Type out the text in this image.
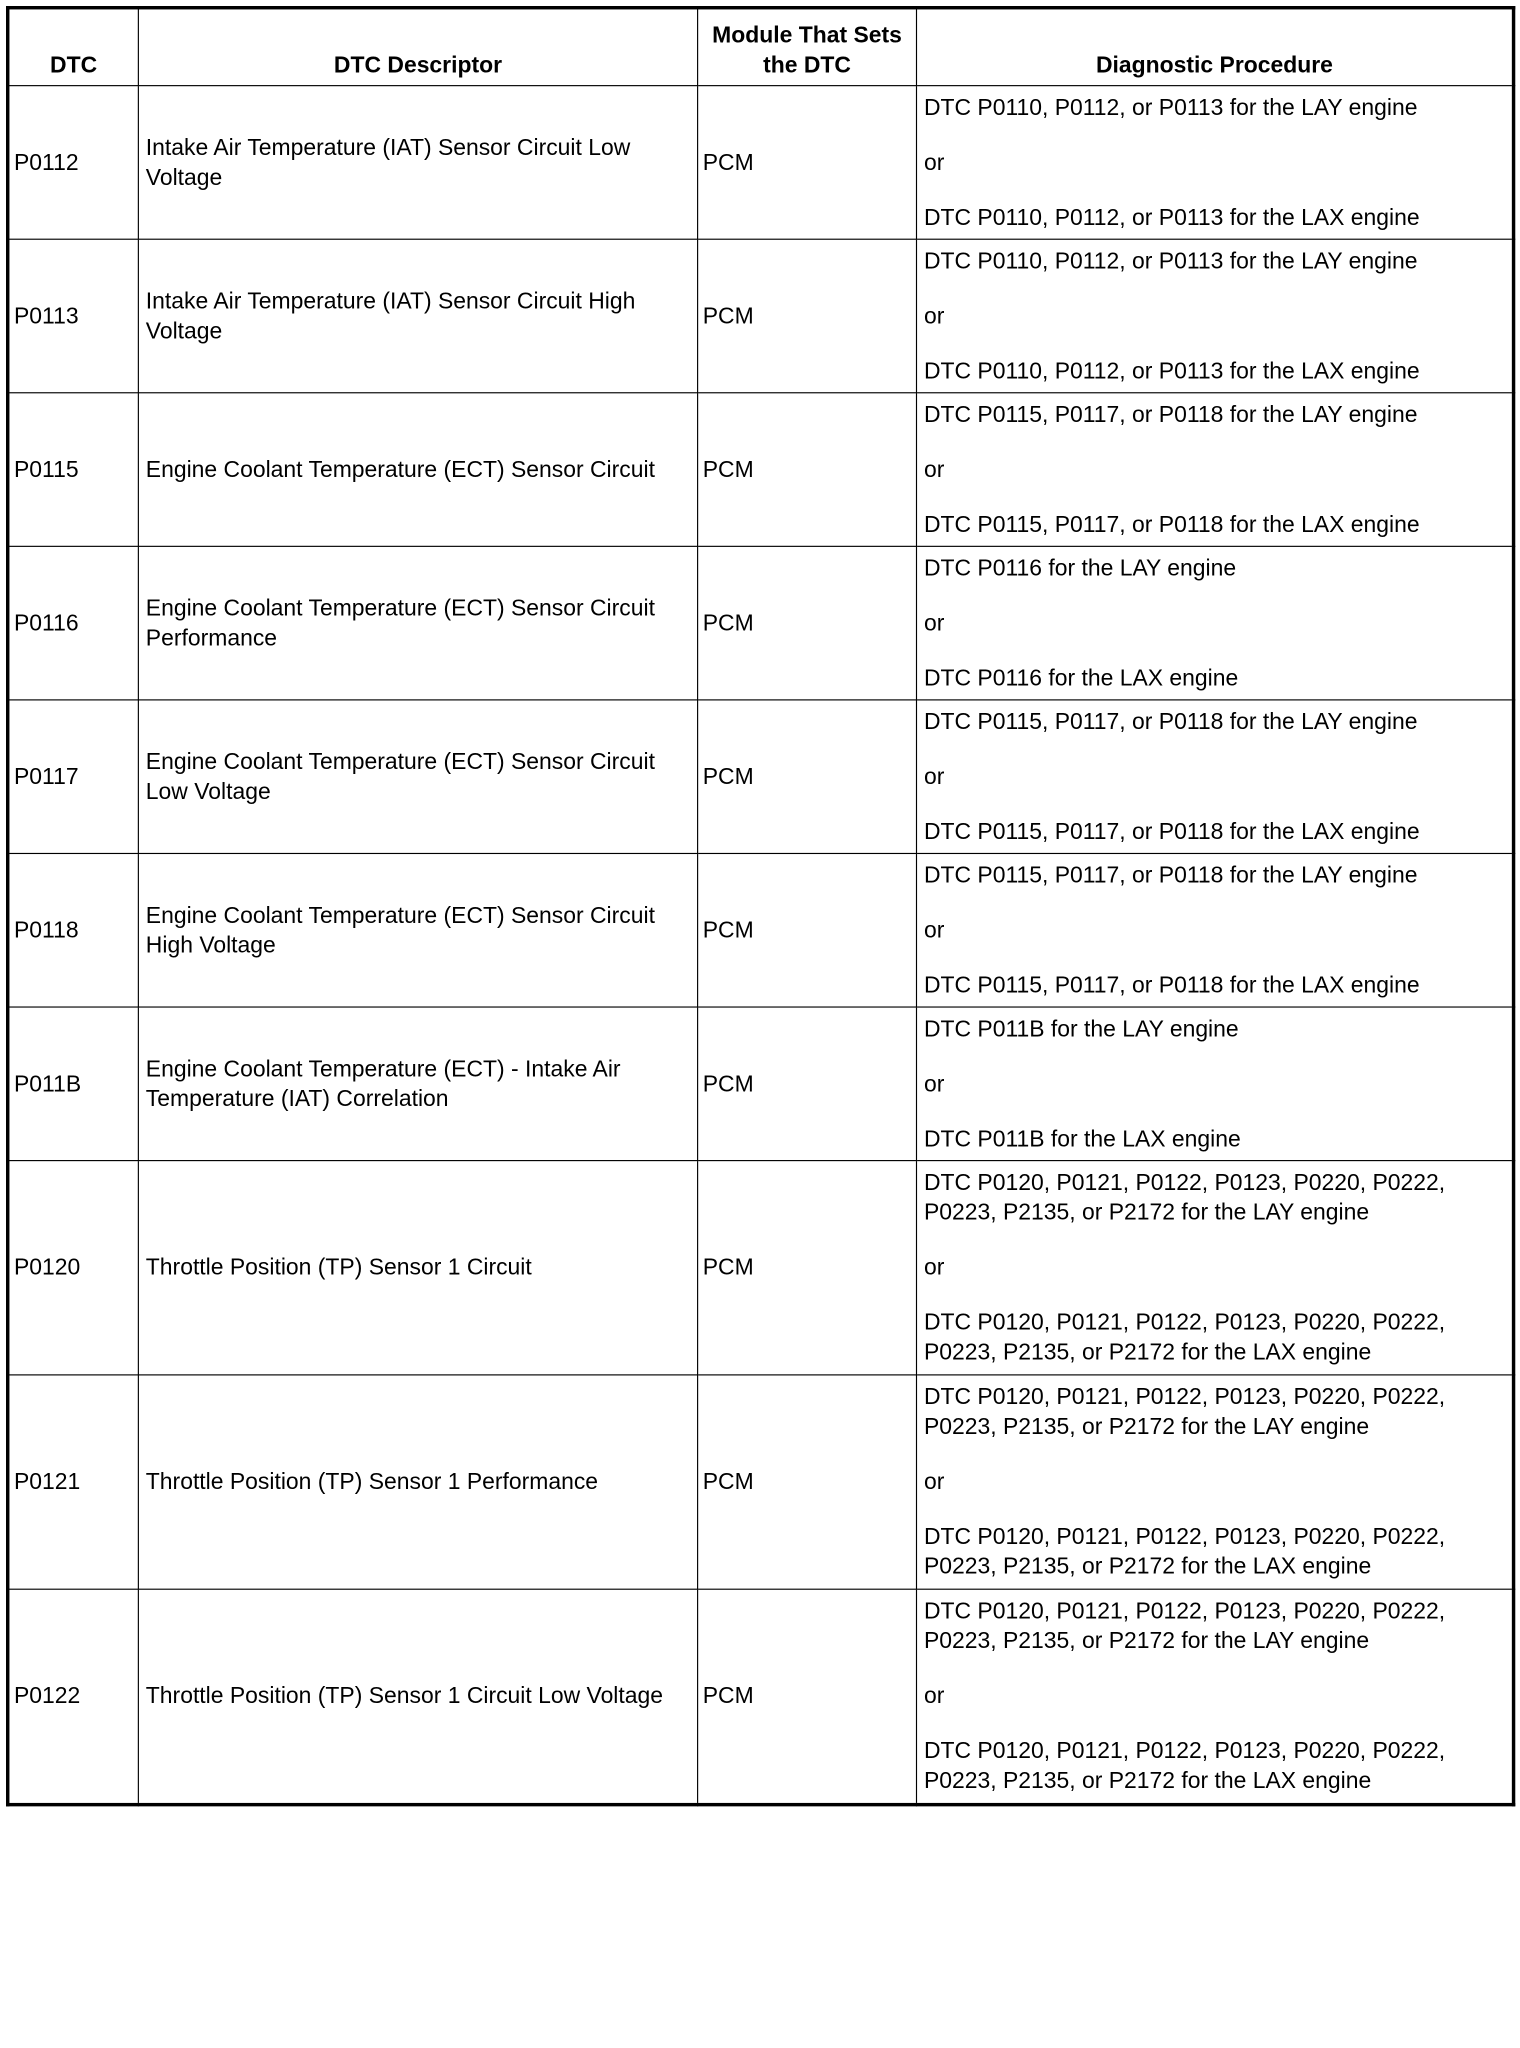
DTC	DTC Descriptor	Module That Sets the DTC	Diagnostic Procedure
P0112	Intake Air Temperature (IAT) Sensor Circuit Low Voltage	PCM	DTC P0110, P0112, or P0113 for the LAY engine
or
DTC P0110, P0112, or P0113 for the LAX engine

P0113	Intake Air Temperature (IAT) Sensor Circuit High Voltage	PCM	DTC P0110, P0112, or P0113 for the LAY engine
or
DTC P0110, P0112, or P0113 for the LAX engine

P0115	Engine Coolant Temperature (ECT) Sensor Circuit	PCM	DTC P0115, P0117, or P0118 for the LAY engine
or
DTC P0115, P0117, or P0118 for the LAX engine

P0116	Engine Coolant Temperature (ECT) Sensor Circuit Performance	PCM	DTC P0116 for the LAY engine
or
DTC P0116 for the LAX engine

P0117	Engine Coolant Temperature (ECT) Sensor Circuit Low Voltage	PCM	DTC P0115, P0117, or P0118 for the LAY engine
or
DTC P0115, P0117, or P0118 for the LAX engine

P0118	Engine Coolant Temperature (ECT) Sensor Circuit High Voltage	PCM	DTC P0115, P0117, or P0118 for the LAY engine
or
DTC P0115, P0117, or P0118 for the LAX engine

P011B	Engine Coolant Temperature (ECT) - Intake Air Temperature (IAT) Correlation	PCM	DTC P011B for the LAY engine
or
DTC P011B for the LAX engine

P0120	Throttle Position (TP) Sensor 1 Circuit	PCM	DTC P0120, P0121, P0122, P0123, P0220, P0222, P0223, P2135, or P2172 for the LAY engine
or
DTC P0120, P0121, P0122, P0123, P0220, P0222, P0223, P2135, or P2172 for the LAX engine

P0121	Throttle Position (TP) Sensor 1 Performance	PCM	DTC P0120, P0121, P0122, P0123, P0220, P0222, P0223, P2135, or P2172 for the LAY engine
or
DTC P0120, P0121, P0122, P0123, P0220, P0222, P0223, P2135, or P2172 for the LAX engine

P0122	Throttle Position (TP) Sensor 1 Circuit Low Voltage	PCM	DTC P0120, P0121, P0122, P0123, P0220, P0222, P0223, P2135, or P2172 for the LAY engine
or
DTC P0120, P0121, P0122, P0123, P0220, P0222, P0223, P2135, or P2172 for the LAX engine
